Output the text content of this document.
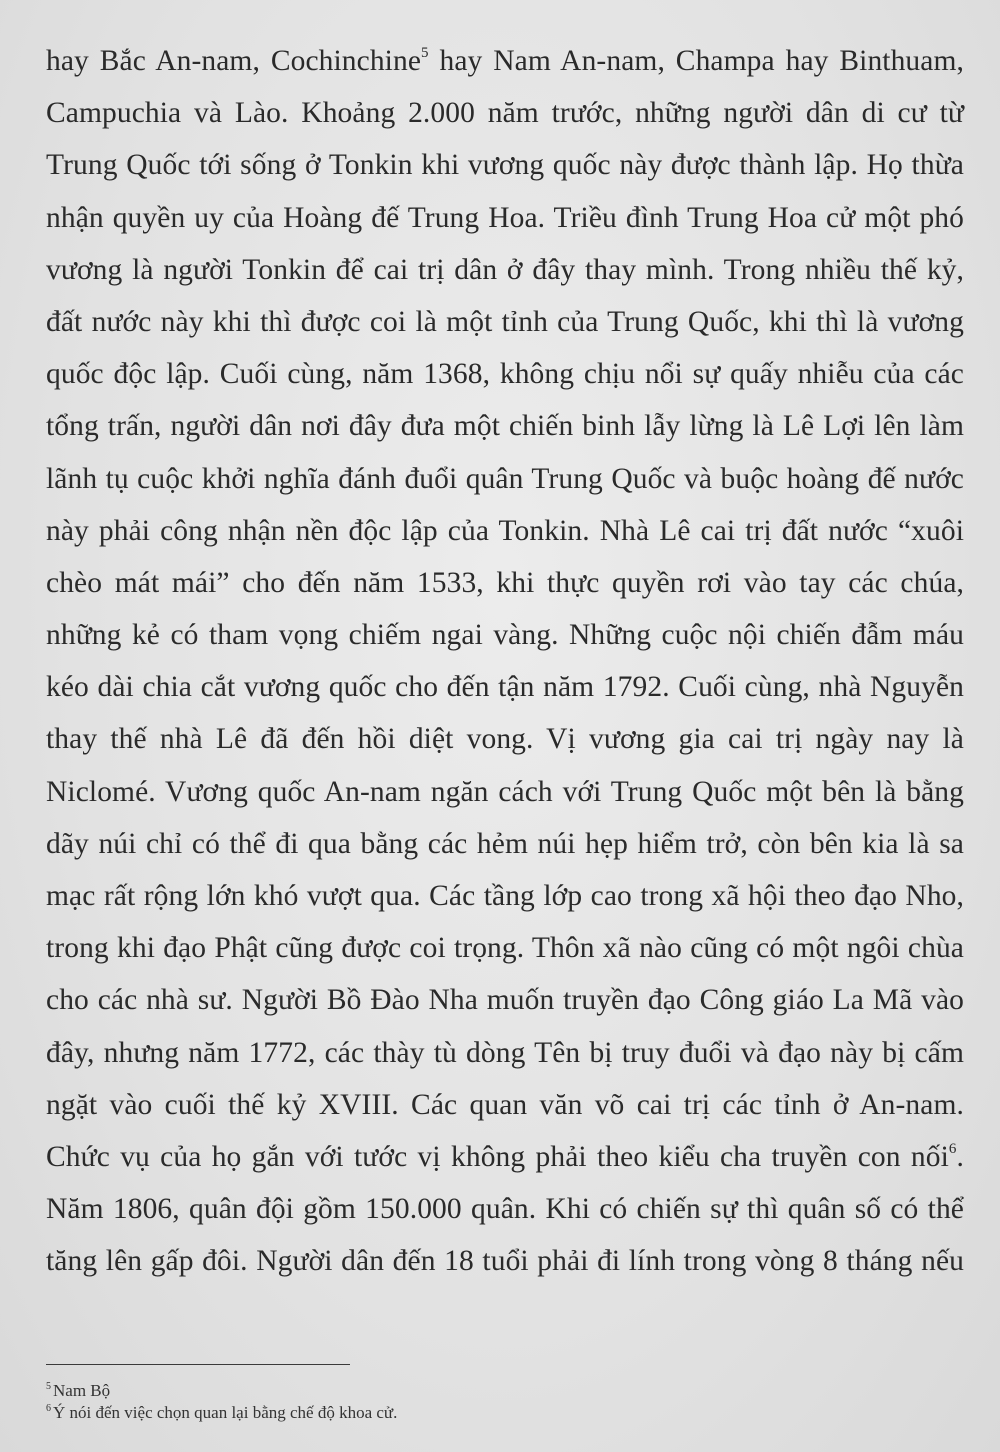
hay Bắc An-nam, Cochinchine$^5$ hay Nam An-nam, Champa hay Binthuam,
Campuchia và Lào. Khoảng 2.000 năm trước, những người dân di cư từ
Trung Quốc tới sống ở Tonkin khi vương quốc này được thành lập. Họ thừa
nhận quyền uy của Hoàng đế Trung Hoa. Triều đình Trung Hoa cử một phó
vương là người Tonkin để cai trị dân ở đây thay mình. Trong nhiều thế kỷ,
đất nước này khi thì được coi là một tỉnh của Trung Quốc, khi thì là vương
quốc độc lập. Cuối cùng, năm 1368, không chịu nổi sự quấy nhiễu của các
tổng trấn, người dân nơi đây đưa một chiến binh lẫy lừng là Lê Lợi lên làm
lãnh tụ cuộc khởi nghĩa đánh đuổi quân Trung Quốc và buộc hoàng đế nước
này phải công nhận nền độc lập của Tonkin. Nhà Lê cai trị đất nước “xuôi
chèo mát mái” cho đến năm 1533, khi thực quyền rơi vào tay các chúa,
những kẻ có tham vọng chiếm ngai vàng. Những cuộc nội chiến đẫm máu
kéo dài chia cắt vương quốc cho đến tận năm 1792. Cuối cùng, nhà Nguyễn
thay thế nhà Lê đã đến hồi diệt vong. Vị vương gia cai trị ngày nay là
Niclomé. Vương quốc An-nam ngăn cách với Trung Quốc một bên là bằng
dãy núi chỉ có thể đi qua bằng các hẻm núi hẹp hiểm trở, còn bên kia là sa
mạc rất rộng lớn khó vượt qua. Các tầng lớp cao trong xã hội theo đạo Nho,
trong khi đạo Phật cũng được coi trọng. Thôn xã nào cũng có một ngôi chùa
cho các nhà sư. Người Bồ Đào Nha muốn truyền đạo Công giáo La Mã vào
đây, nhưng năm 1772, các thày tù dòng Tên bị truy đuổi và đạo này bị cấm
ngặt vào cuối thế kỷ XVIII. Các quan văn võ cai trị các tỉnh ở An-nam.
Chức vụ của họ gắn với tước vị không phải theo kiểu cha truyền con nối$^6$.
Năm 1806, quân đội gồm 150.000 quân. Khi có chiến sự thì quân số có thể
tăng lên gấp đôi. Người dân đến 18 tuổi phải đi lính trong vòng 8 tháng nếu
$^5$ Nam Bộ
$^6$ Ý nói đến việc chọn quan lại bằng chế độ khoa cử.
